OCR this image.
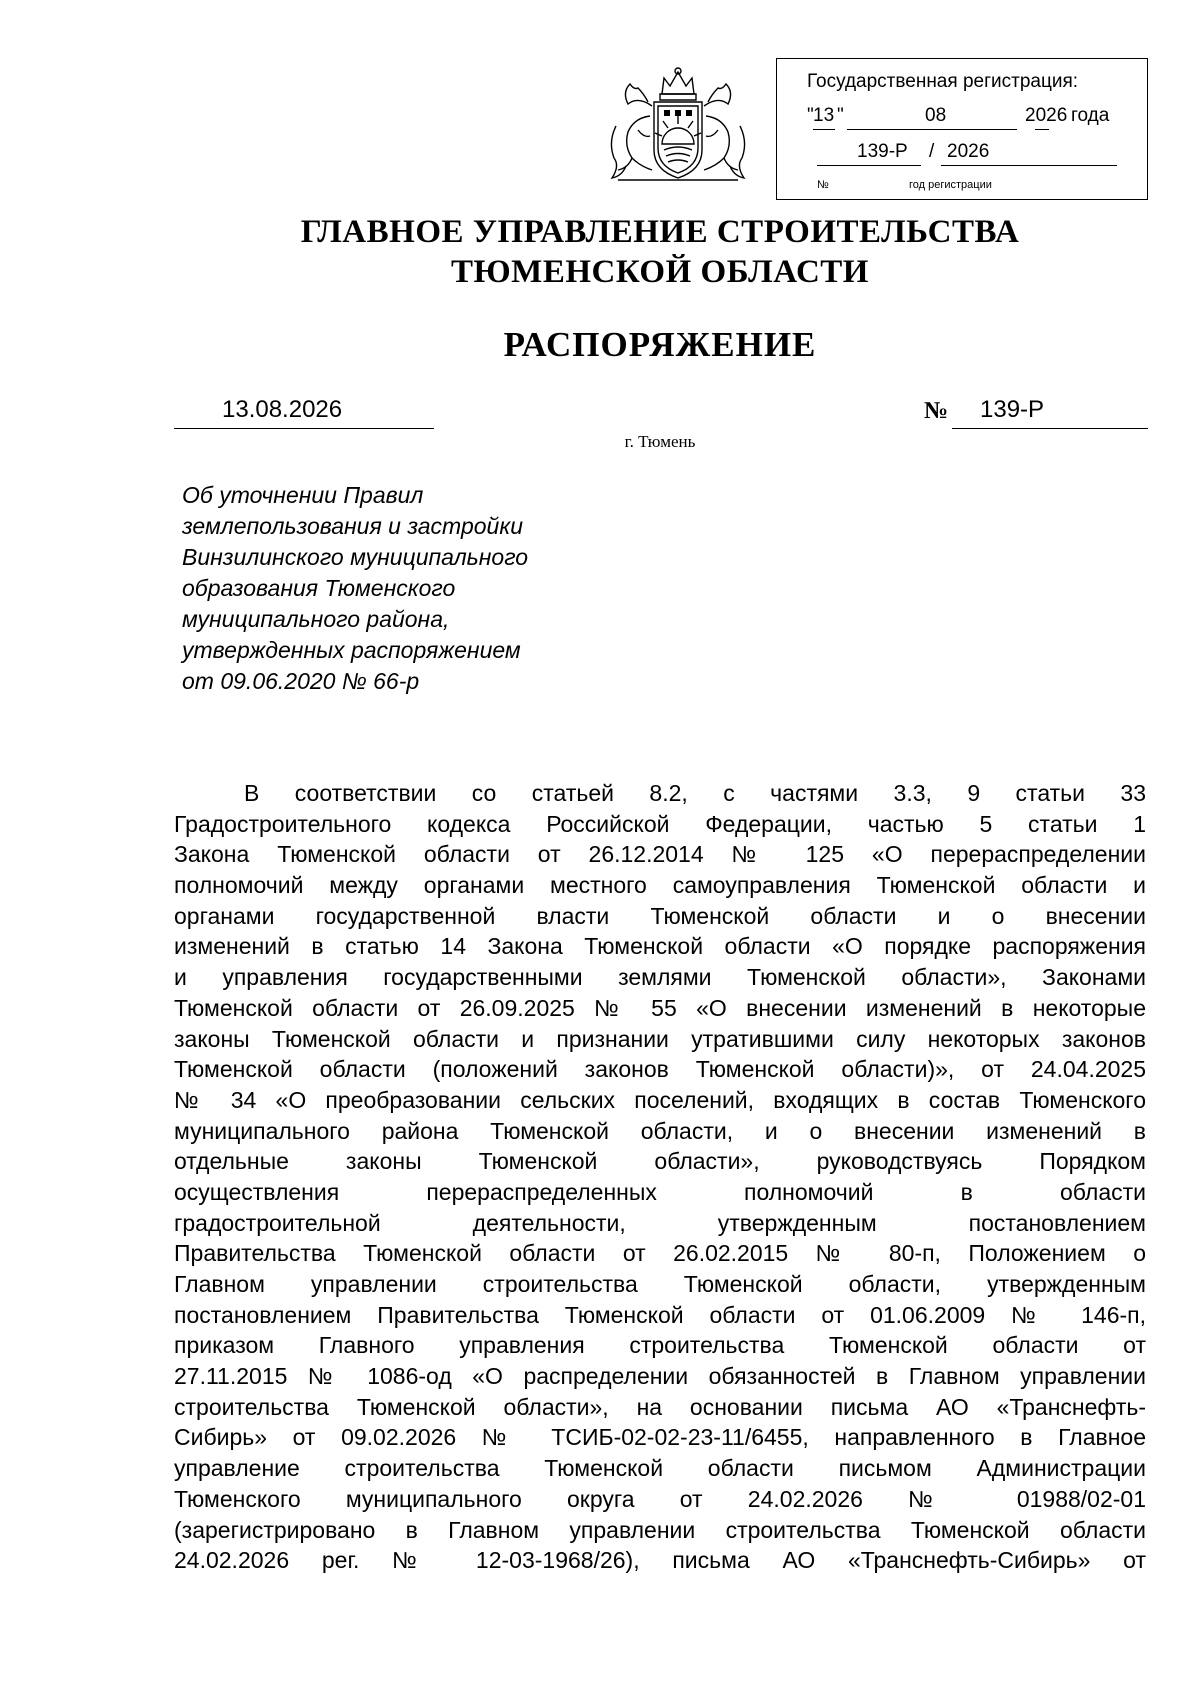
Государственная регистрация:
" 13 "	08	2026 года
139-Р / 2026
№	год регистрации
ГЛАВНОЕ УПРАВЛЕНИЕ СТРОИТЕЛЬСТВА
ТЮМЕНСКОЙ ОБЛАСТИ
РАСПОРЯЖЕНИЕ
13.08.2026	№ 139-Р
г. Тюмень
Об уточнении Правил
землепользования и застройки
Винзилинского муниципального
образования Тюменского
муниципального района,
утвержденных распоряжением
от 09.06.2020 № 66-р
В соответствии со статьей 8.2, с частями 3.3, 9 статьи 33
Градостроительного кодекса Российской Федерации, частью 5 статьи 1
Закона Тюменской области от 26.12.2014 № 125 «О перераспределении
полномочий между органами местного самоуправления Тюменской области и
органами государственной власти Тюменской области и о внесении
изменений в статью 14 Закона Тюменской области «О порядке распоряжения
и управления государственными землями Тюменской области», Законами
Тюменской области от 26.09.2025 № 55 «О внесении изменений в некоторые
законы Тюменской области и признании утратившими силу некоторых законов
Тюменской области (положений законов Тюменской области)», от 24.04.2025
№ 34 «О преобразовании сельских поселений, входящих в состав Тюменского
муниципального района Тюменской области, и о внесении изменений в
отдельные законы Тюменской области», руководствуясь Порядком
осуществления перераспределенных полномочий в области
градостроительной деятельности, утвержденным постановлением
Правительства Тюменской области от 26.02.2015 № 80-п, Положением о
Главном управлении строительства Тюменской области, утвержденным
постановлением Правительства Тюменской области от 01.06.2009 № 146-п,
приказом Главного управления строительства Тюменской области от
27.11.2015 № 1086-од «О распределении обязанностей в Главном управлении
строительства Тюменской области», на основании письма АО «Транснефть-
Сибирь» от 09.02.2026 № ТСИБ-02-02-23-11/6455, направленного в Главное
управление строительства Тюменской области письмом Администрации
Тюменского муниципального округа от 24.02.2026 № 01988/02-01
(зарегистрировано в Главном управлении строительства Тюменской области
24.02.2026 рег. № 12-03-1968/26), письма АО «Транснефть-Сибирь» от
